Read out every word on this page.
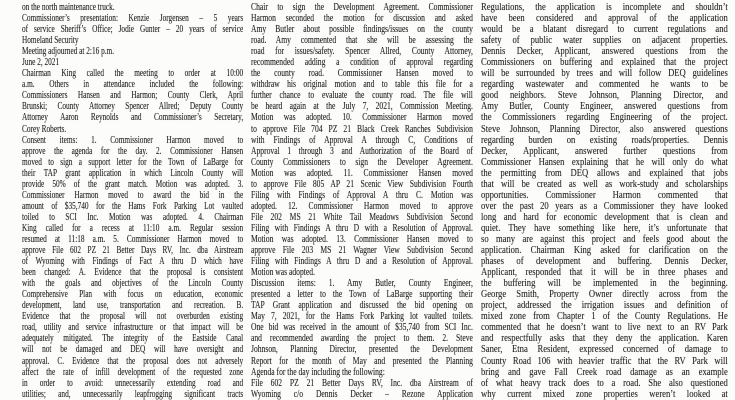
on the north maintenance truck.
Commissioner’s presentation: Kenzie Jorgensen – 5 years
of service Sheriff’s Office; Jodie Gunter – 20 years of service
Homeland Security
Meeting adjourned at 2:16 p.m.
June 2, 2021
Chairman King called the meeting to order at 10:00
a.m. Others in attendance included the following:
Commissioners Hansen and Harmon; County Clerk, April
Brunski; County Attorney Spencer Allred; Deputy County
Attorney Aaron Reynolds and Commissioner’s Secretary,
Corey Roberts.
Consent items: 1. Commissioner Harmon moved to
approve the agenda for the day. 2. Commissioner Hansen
moved to sign a support letter for the Town of LaBarge for
their TAP grant application in which Lincoln County will
provide 50% of the grant match. Motion was adopted. 3.
Commissioner Harmon moved to award the bid in the
amount of $35,740 for the Hams Fork Parking Lot vaulted
toiled to SCI Inc. Motion was adopted. 4. Chairman
King called for a recess at 11:10 a.m. Regular session
resumed at 11:18 a.m. 5. Commissioner Harmon moved to
approve File 602 PZ 21 Better Days RV, Inc. dba Airstream
of Wyoming with Findings of Fact A thru D which have
been changed: A. Evidence that the proposal is consistent
with the goals and objectives of the Lincoln County
Comprehensive Plan with focus on education, economic
development, land use, transportation and recreation. B.
Evidence that the proposal will not overburden existing
road, utility and service infrastructure or that impact will be
adequately mitigated. The integrity of the Eastside Canal
will not be damaged and DEQ will have oversight and
approval. C. Evidence that the proposal does not adversely
affect the rate of infill development of the requested zone
in order to avoid: unnecessarily extending road and
utilities; and, unnecessarily leapfrogging significant tracts
Chair to sign the Development Agreement. Commissioner
Harmon seconded the motion for discussion and asked
Amy Butler about possible findings/issues on the county
road. Amy commented that she will be assessing the
road for issues/safety. Spencer Allred, County Attorney,
recommended adding a condition of approval regarding
the county road. Commissioner Hansen moved to
withdraw his original motion and to table this file for a
further chance to evaluate the county road. The file will
be heard again at the July 7, 2021, Commission Meeting.
Motion was adopted. 10. Commissioner Harmon moved
to approve File 704 PZ 21 Black Creek Ranches Subdivision
with Findings of Approval A through C, Conditions of
Approval 1 through 3 and Authorization of the Board of
County Commissioners to sign the Developer Agreement.
Motion was adopted. 11. Commissioner Hansen moved
to approve File 805 AP 21 Scenic View Subdivision Fourth
Filing with Findings of Approval A thru C. Motion was
adopted. 12. Commissioner Harmon moved to approve
File 202 MS 21 White Tail Meadows Subdivision Second
Filing with Findings A thru D with a Resolution of Approval.
Motion was adopted. 13. Commissioner Hansen moved to
approve File 203 MS 21 Wagner View Subdivision Second
Filing with Findings A thru D and a Resolution of Approval.
Motion was adopted.
Discussion items: 1. Amy Butler, County Engineer,
presented a letter to the Town of LaBarge supporting their
TAP Grant application and discussed the bid opening on
May 7, 2021, for the Hams Fork Parking lot vaulted toilets.
One bid was received in the amount of $35,740 from SCI Inc.
and recommended awarding the project to them. 2. Steve
Johnson, Planning Director, presented the Development
Report for the month of May and presented the Planning
Agenda for the day including the following:
File 602 PZ 21 Better Days RV, Inc. dba Airstream of
Wyoming c/o Dennis Decker – Rezone Application
Regulations, the application is incomplete and shouldn’t
have been considered and approval of the application
would be a blatant disregard to current regulations and
safety of public water supplies on adjacent properties.
Dennis Decker, Applicant, answered questions from the
Commissioners on buffering and explained that the project
will be surrounded by trees and will follow DEQ guidelines
regarding wastewater and commented he wants to be
good neighbors. Steve Johnson, Planning Director, and
Amy Butler, County Engineer, answered questions from
the Commissioners regarding Engineering of the project.
Steve Johnson, Planning Director, also answered questions
regarding burden on existing roads/properties. Dennis
Decker, Applicant, answered further questions from
Commissioner Hansen explaining that he will only do what
the permitting from DEQ allows and explained that jobs
that will be created as well as work-study and scholarships
opportunities. Commissioner Harmon commented that
over the past 20 years as a Commissioner they have looked
long and hard for economic development that is clean and
quiet. They have something like here, it’s unfortunate that
so many are against this project and feels good about the
application. Chairman King asked for clarification on the
phases of development and buffering. Dennis Decker,
Applicant, responded that it will be in three phases and
the buffering will be implemented in the beginning.
George Smith, Property Owner directly across from the
project, addressed the irrigation issues and definition of
mixed zone from Chapter 1 of the County Regulations. He
commented that he doesn’t want to live next to an RV Park
and respectfully asks that they deny the application. Karen
Saner, Etna Resident, expressed concerned of damage to
County Road 106 with heavier traffic that the RV Park will
bring and gave Fall Creek road damage as an example
of what heavy track does to a road. She also questioned
why current mixed zone properties weren’t looked at
